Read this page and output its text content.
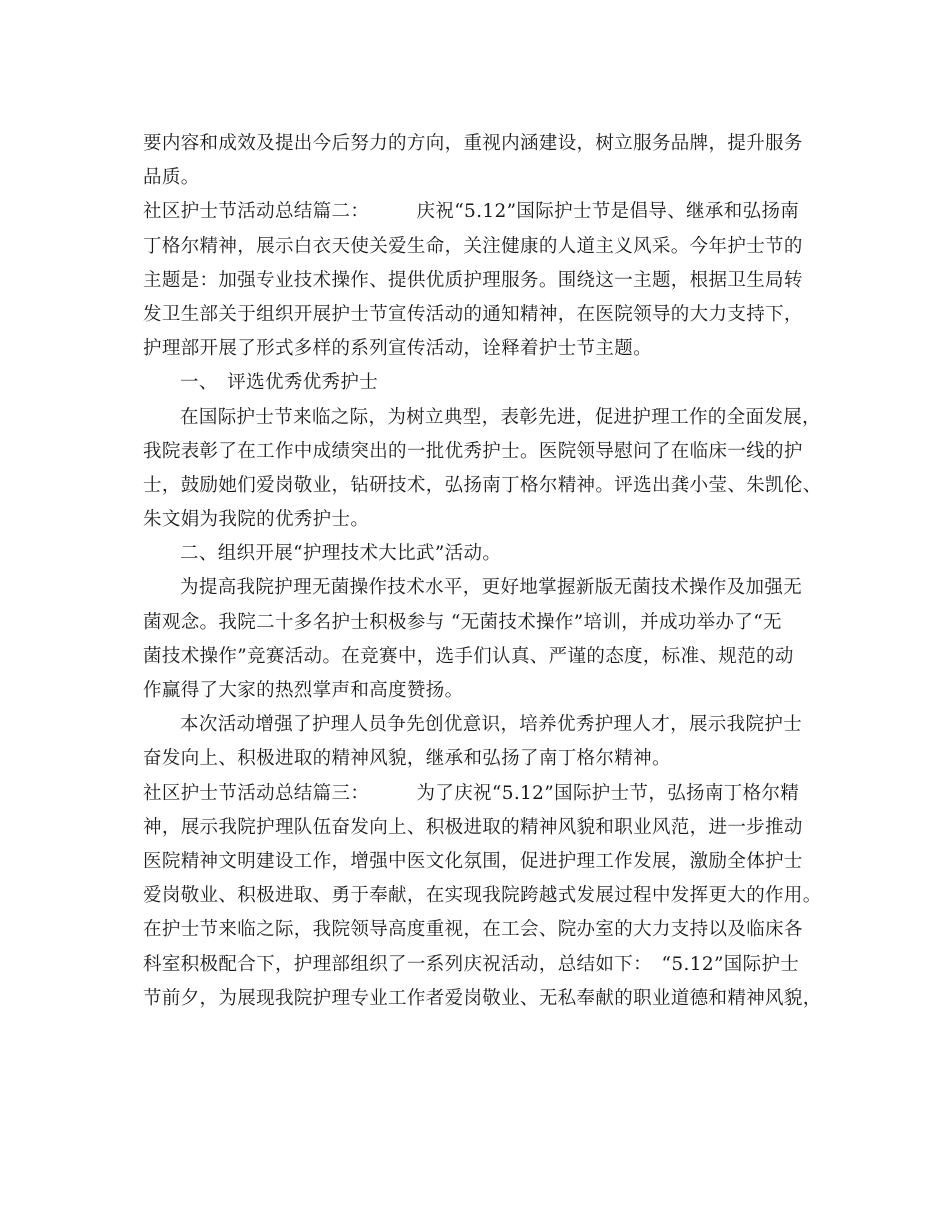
要内容和成效及提出今后努力的方向，重视内涵建设，树立服务品牌，提升服务
品质。
社区护士节活动总结篇二：　　　庆祝“5.12”国际护士节是倡导、继承和弘扬南
丁格尔精神，展示白衣天使关爱生命，关注健康的人道主义风采。今年护士节的
主题是：加强专业技术操作、提供优质护理服务。围绕这一主题，根据卫生局转
发卫生部关于组织开展护士节宣传活动的通知精神，在医院领导的大力支持下，
护理部开展了形式多样的系列宣传活动，诠释着护士节主题。
一、　评选优秀优秀护士
在国际护士节来临之际，为树立典型，表彰先进，促进护理工作的全面发展，
我院表彰了在工作中成绩突出的一批优秀护士。医院领导慰问了在临床一线的护
士，鼓励她们爱岗敬业，钻研技术，弘扬南丁格尔精神。评选出龚小莹、朱凯伦、
朱文娟为我院的优秀护士。
二、组织开展“护理技术大比武”活动。
为提高我院护理无菌操作技术水平，更好地掌握新版无菌技术操作及加强无
菌观念。我院二十多名护士积极参与 “无菌技术操作”培训，并成功举办了“无
菌技术操作”竞赛活动。在竞赛中，选手们认真、严谨的态度，标准、规范的动
作赢得了大家的热烈掌声和高度赞扬。
本次活动增强了护理人员争先创优意识，培养优秀护理人才，展示我院护士
奋发向上、积极进取的精神风貌，继承和弘扬了南丁格尔精神。
社区护士节活动总结篇三：　　　为了庆祝“5.12”国际护士节，弘扬南丁格尔精
神，展示我院护理队伍奋发向上、积极进取的精神风貌和职业风范，进一步推动
医院精神文明建设工作，增强中医文化氛围，促进护理工作发展，激励全体护士
爱岗敬业、积极进取、勇于奉献，在实现我院跨越式发展过程中发挥更大的作用。
在护士节来临之际，我院领导高度重视，在工会、院办室的大力支持以及临床各
科室积极配合下，护理部组织了一系列庆祝活动，总结如下：　“5.12”国际护士
节前夕，为展现我院护理专业工作者爱岗敬业、无私奉献的职业道德和精神风貌，
